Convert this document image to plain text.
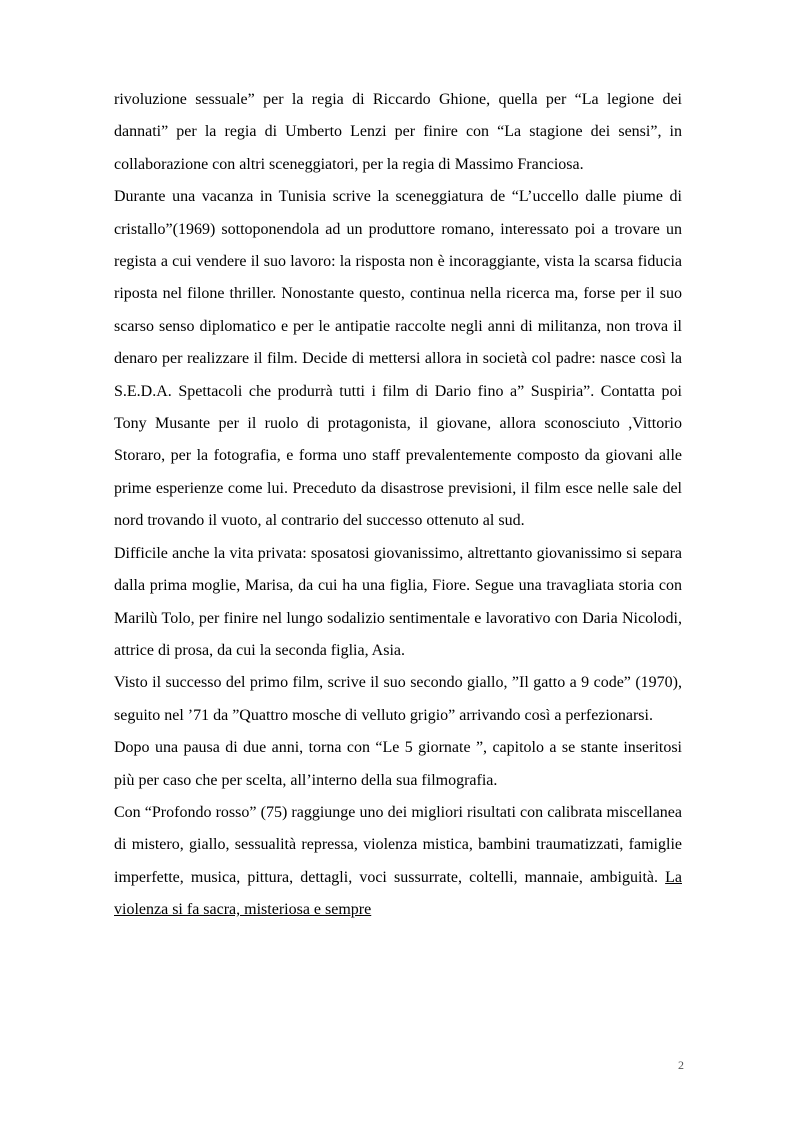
rivoluzione sessuale” per la regia di Riccardo Ghione, quella per “La legione dei dannati” per la regia di Umberto Lenzi per finire con “La stagione dei sensi”, in collaborazione con altri sceneggiatori, per la regia di Massimo Franciosa.

Durante una vacanza in Tunisia scrive la sceneggiatura de “L’uccello dalle piume di cristallo”(1969) sottoponendola ad un produttore romano, interessato poi a trovare un regista a cui vendere il suo lavoro: la risposta non è incoraggiante, vista la scarsa fiducia riposta nel filone thriller. Nonostante questo, continua nella ricerca ma, forse per il suo scarso senso diplomatico e per le antipatie raccolte negli anni di militanza, non trova il denaro per realizzare il film. Decide di mettersi allora in società col padre: nasce così la S.E.D.A. Spettacoli che produrrà tutti i film di Dario fino a” Suspiria”. Contatta poi Tony Musante per il ruolo di protagonista, il giovane, allora sconosciuto ,Vittorio Storaro, per la fotografia, e forma uno staff prevalentemente composto da giovani alle prime esperienze come lui. Preceduto da disastrose previsioni, il film esce nelle sale del nord trovando il vuoto, al contrario del successo ottenuto al sud.

Difficile anche la vita privata: sposatosi giovanissimo, altrettanto giovanissimo si separa dalla prima moglie, Marisa, da cui ha una figlia, Fiore. Segue una travagliata storia con Marilù Tolo, per finire nel lungo sodalizio sentimentale e lavorativo con Daria Nicolodi, attrice di prosa, da cui la seconda figlia, Asia.

Visto il successo del primo film, scrive il suo secondo giallo, ”Il gatto a 9 code” (1970), seguito nel ’71 da ”Quattro mosche di velluto grigio” arrivando così a perfezionarsi.

Dopo una pausa di due anni, torna con “Le 5 giornate ”, capitolo a se stante inseritosi più per caso che per scelta, all’interno della sua filmografia.

Con “Profondo rosso” (75) raggiunge uno dei migliori risultati con calibrata miscellanea di mistero, giallo, sessualità repressa, violenza mistica, bambini traumatizzati, famiglie imperfette, musica, pittura, dettagli, voci sussurrate, coltelli, mannaie, ambiguità. La violenza si fa sacra, misteriosa e sempre

2
